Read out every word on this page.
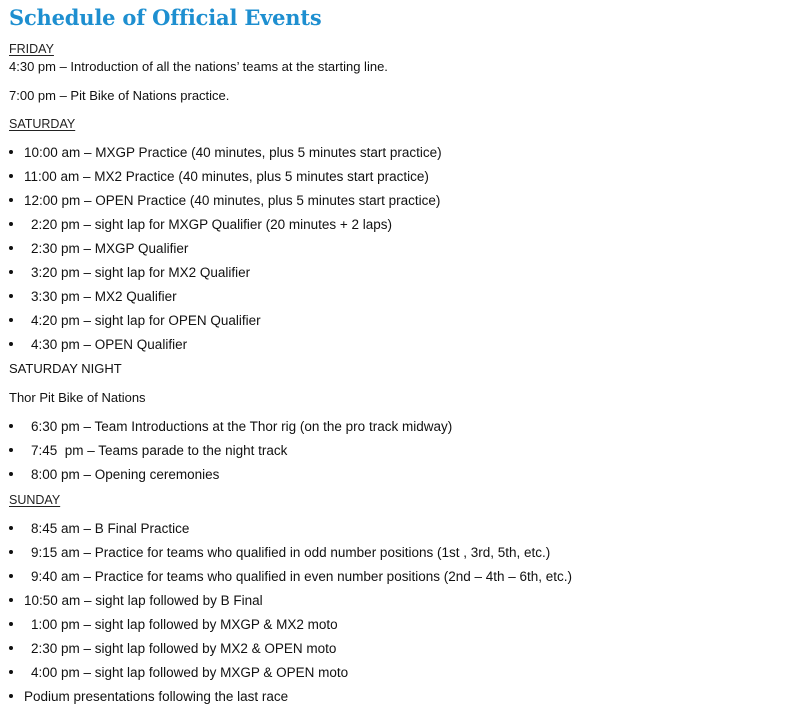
Schedule of Official Events
FRIDAY
4:30 pm – Introduction of all the nations’ teams at the starting line.
7:00 pm – Pit Bike of Nations practice.
SATURDAY
10:00 am – MXGP Practice (40 minutes, plus 5 minutes start practice)
11:00 am – MX2 Practice (40 minutes, plus 5 minutes start practice)
12:00 pm – OPEN Practice (40 minutes, plus 5 minutes start practice)
2:20 pm – sight lap for MXGP Qualifier (20 minutes + 2 laps)
2:30 pm – MXGP Qualifier
3:20 pm – sight lap for MX2 Qualifier
3:30 pm – MX2 Qualifier
4:20 pm – sight lap for OPEN Qualifier
4:30 pm – OPEN Qualifier
SATURDAY NIGHT
Thor Pit Bike of Nations
6:30 pm – Team Introductions at the Thor rig (on the pro track midway)
7:45  pm – Teams parade to the night track
8:00 pm – Opening ceremonies
SUNDAY
8:45 am – B Final Practice
9:15 am – Practice for teams who qualified in odd number positions (1st , 3rd, 5th, etc.)
9:40 am – Practice for teams who qualified in even number positions (2nd – 4th – 6th, etc.)
10:50 am – sight lap followed by B Final
1:00 pm – sight lap followed by MXGP & MX2 moto
2:30 pm – sight lap followed by MX2 & OPEN moto
4:00 pm – sight lap followed by MXGP & OPEN moto
Podium presentations following the last race
